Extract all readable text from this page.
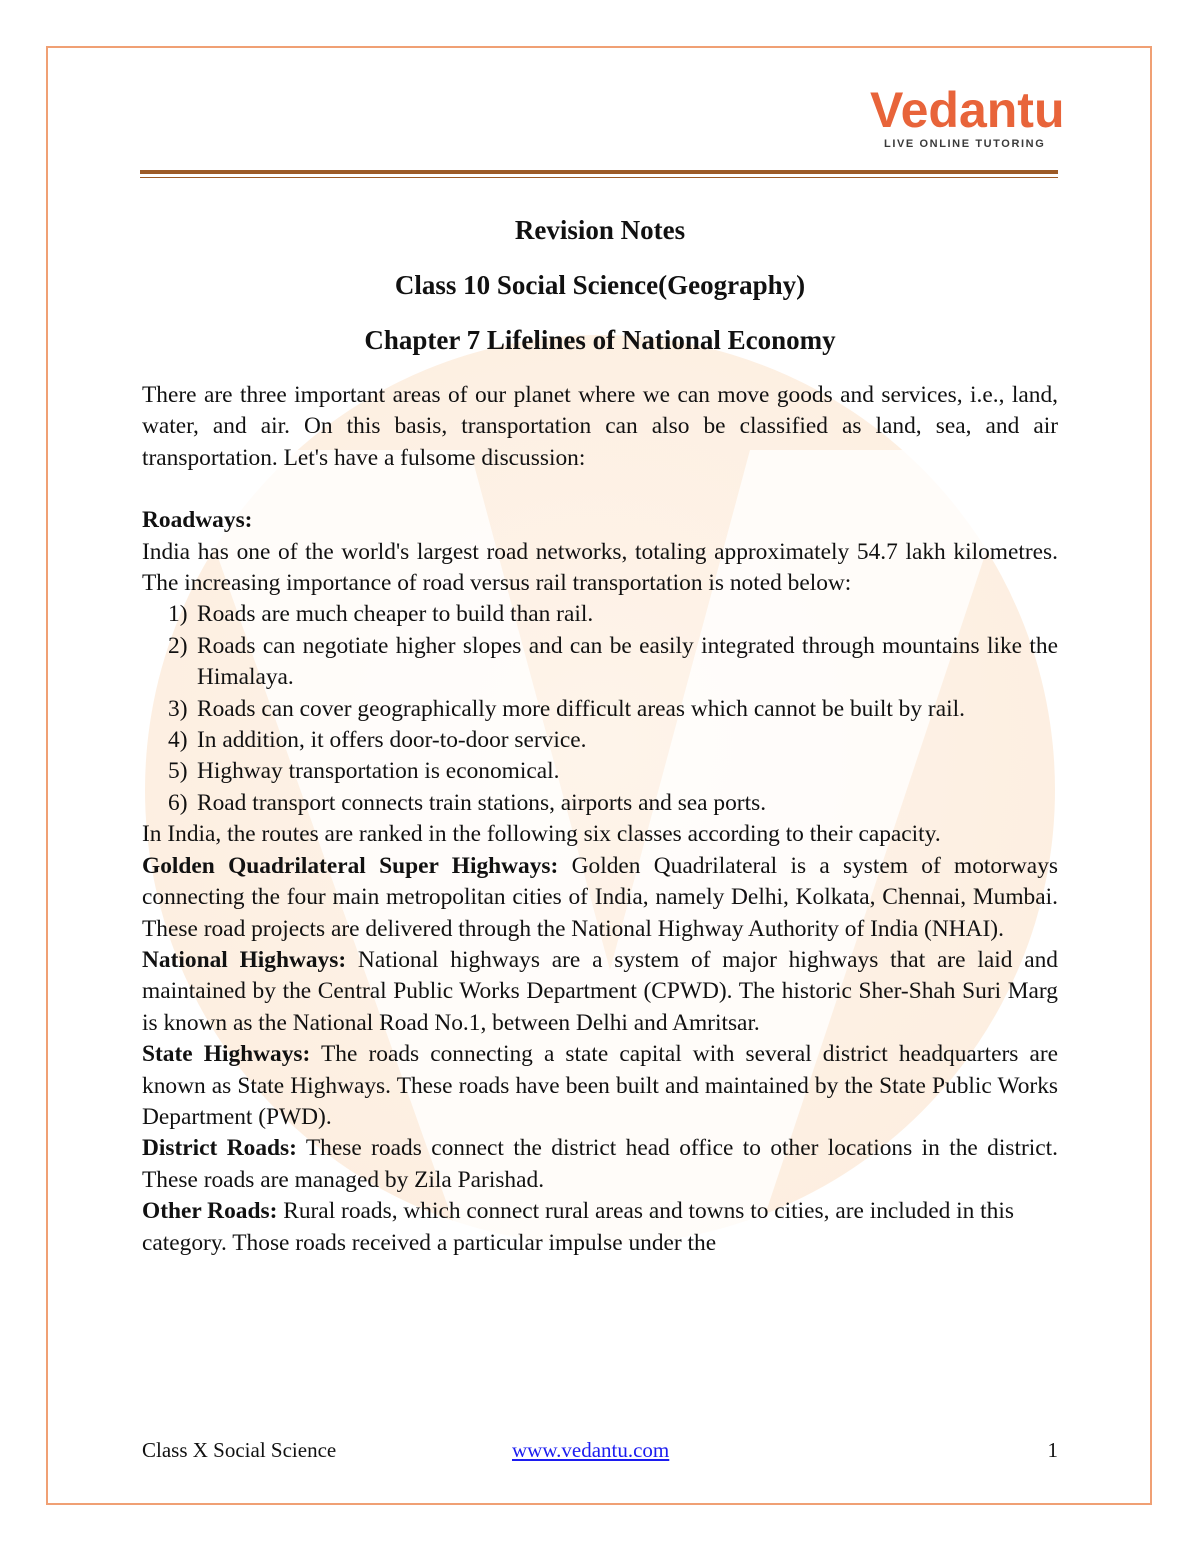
Vedantu
LIVE ONLINE TUTORING
Revision Notes
Class 10 Social Science(Geography)
Chapter 7 Lifelines of National Economy

There are three important areas of our planet where we can move goods and services, i.e., land, water, and air. On this basis, transportation can also be classified as land, sea, and air transportation. Let's have a fulsome discussion:

Roadways:

India has one of the world's largest road networks, totaling approximately 54.7 lakh kilometres. The increasing importance of road versus rail transportation is noted below:

1) Roads are much cheaper to build than rail.
2) Roads can negotiate higher slopes and can be easily integrated through mountains like the Himalaya.
3) Roads can cover geographically more difficult areas which cannot be built by rail.
4) In addition, it offers door-to-door service.
5) Highway transportation is economical.
6) Road transport connects train stations, airports and sea ports.

In India, the routes are ranked in the following six classes according to their capacity.

Golden Quadrilateral Super Highways: Golden Quadrilateral is a system of motorways connecting the four main metropolitan cities of India, namely Delhi, Kolkata, Chennai, Mumbai. These road projects are delivered through the National Highway Authority of India (NHAI).

National Highways: National highways are a system of major highways that are laid and maintained by the Central Public Works Department (CPWD). The historic Sher-Shah Suri Marg is known as the National Road No.1, between Delhi and Amritsar.

State Highways: The roads connecting a state capital with several district headquarters are known as State Highways. These roads have been built and maintained by the State Public Works Department (PWD).

District Roads: These roads connect the district head office to other locations in the district. These roads are managed by Zila Parishad.

Other Roads: Rural roads, which connect rural areas and towns to cities, are included in this category. Those roads received a particular impulse under the

Class X Social Science	www.vedantu.com	1
